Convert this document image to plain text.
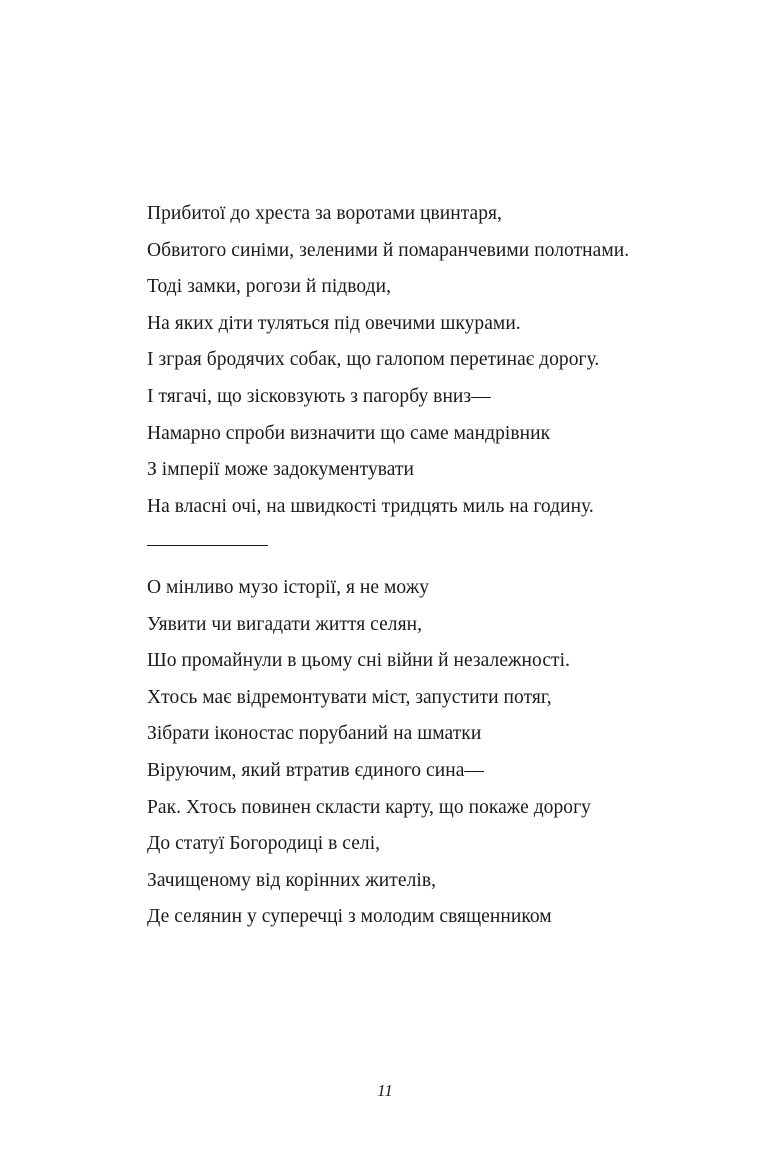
Прибитої до хреста за воротами цвинтаря,
Обвитого синіми, зеленими й помаранчевими полотнами.
Тоді замки, рогози й підводи,
На яких діти туляться під овечими шкурами.
І зграя бродячих собак, що галопом перетинає дорогу.
І тягачі, що зісковзують з пагорбу вниз—
Намарно спроби визначити що саме мандрівник
З імперії може задокументувати
На власні очі, на швидкості тридцять миль на годину.
О мінливо музо історії, я не можу
Уявити чи вигадати життя селян,
Шо промайнули в цьому сні війни й незалежності.
Хтось має відремонтувати міст, запустити потяг,
Зібрати іконостас порубаний на шматки
Віруючим, який втратив єдиного сина—
Рак. Хтось повинен скласти карту, що покаже дорогу
До статуї Богородиці в селі,
Зачищеному від корінних жителів,
Де селянин у суперечці з молодим священником
11
